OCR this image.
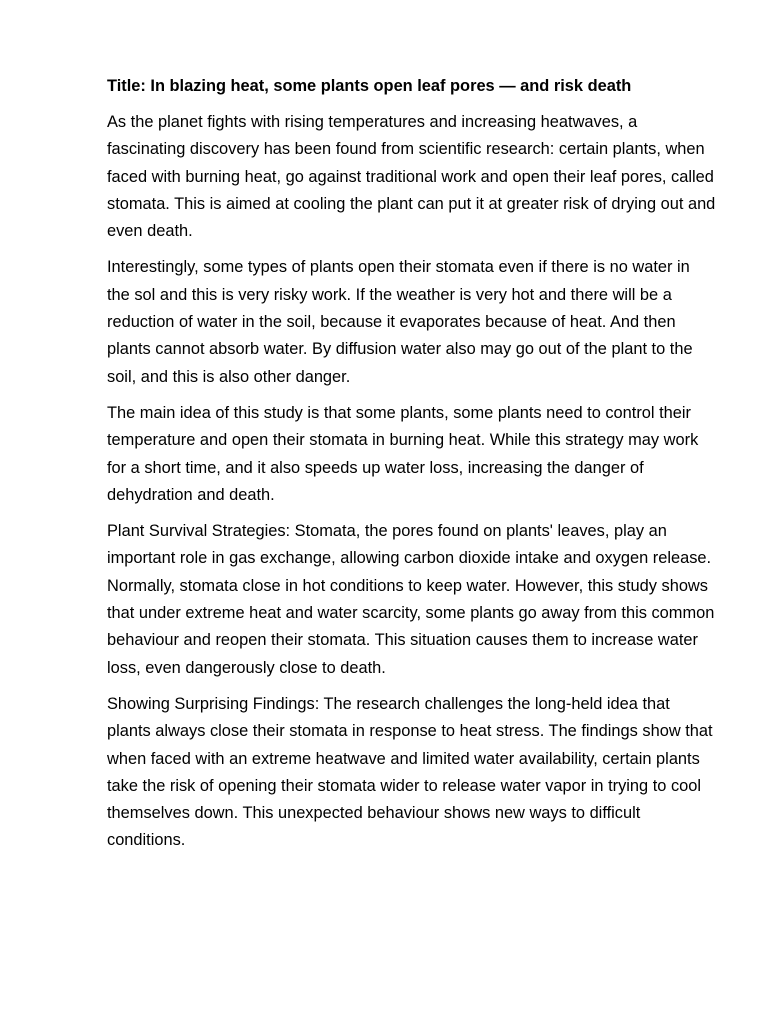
Title: In blazing heat, some plants open leaf pores — and risk death

As the planet fights with rising temperatures and increasing heatwaves, a fascinating discovery has been found from scientific research: certain plants, when faced with burning heat, go against traditional work and open their leaf pores, called stomata. This is aimed at cooling the plant can put it at greater risk of drying out and even death.

Interestingly, some types of plants open their stomata even if there is no water in the sol and this is very risky work. If the weather is very hot and there will be a reduction of water in the soil, because it evaporates because of heat. And then plants cannot absorb water. By diffusion water also may go out of the plant to the soil, and this is also other danger.

The main idea of this study is that some plants, some plants need to control their temperature and open their stomata in burning heat. While this strategy may work for a short time, and it also speeds up water loss, increasing the danger of dehydration and death.

Plant Survival Strategies: Stomata, the pores found on plants' leaves, play an important role in gas exchange, allowing carbon dioxide intake and oxygen release. Normally, stomata close in hot conditions to keep water. However, this study shows that under extreme heat and water scarcity, some plants go away from this common behaviour and reopen their stomata. This situation causes them to increase water loss, even dangerously close to death.

Showing Surprising Findings: The research challenges the long-held idea that plants always close their stomata in response to heat stress. The findings show that when faced with an extreme heatwave and limited water availability, certain plants take the risk of opening their stomata wider to release water vapor in trying to cool themselves down. This unexpected behaviour shows new ways to difficult conditions.
